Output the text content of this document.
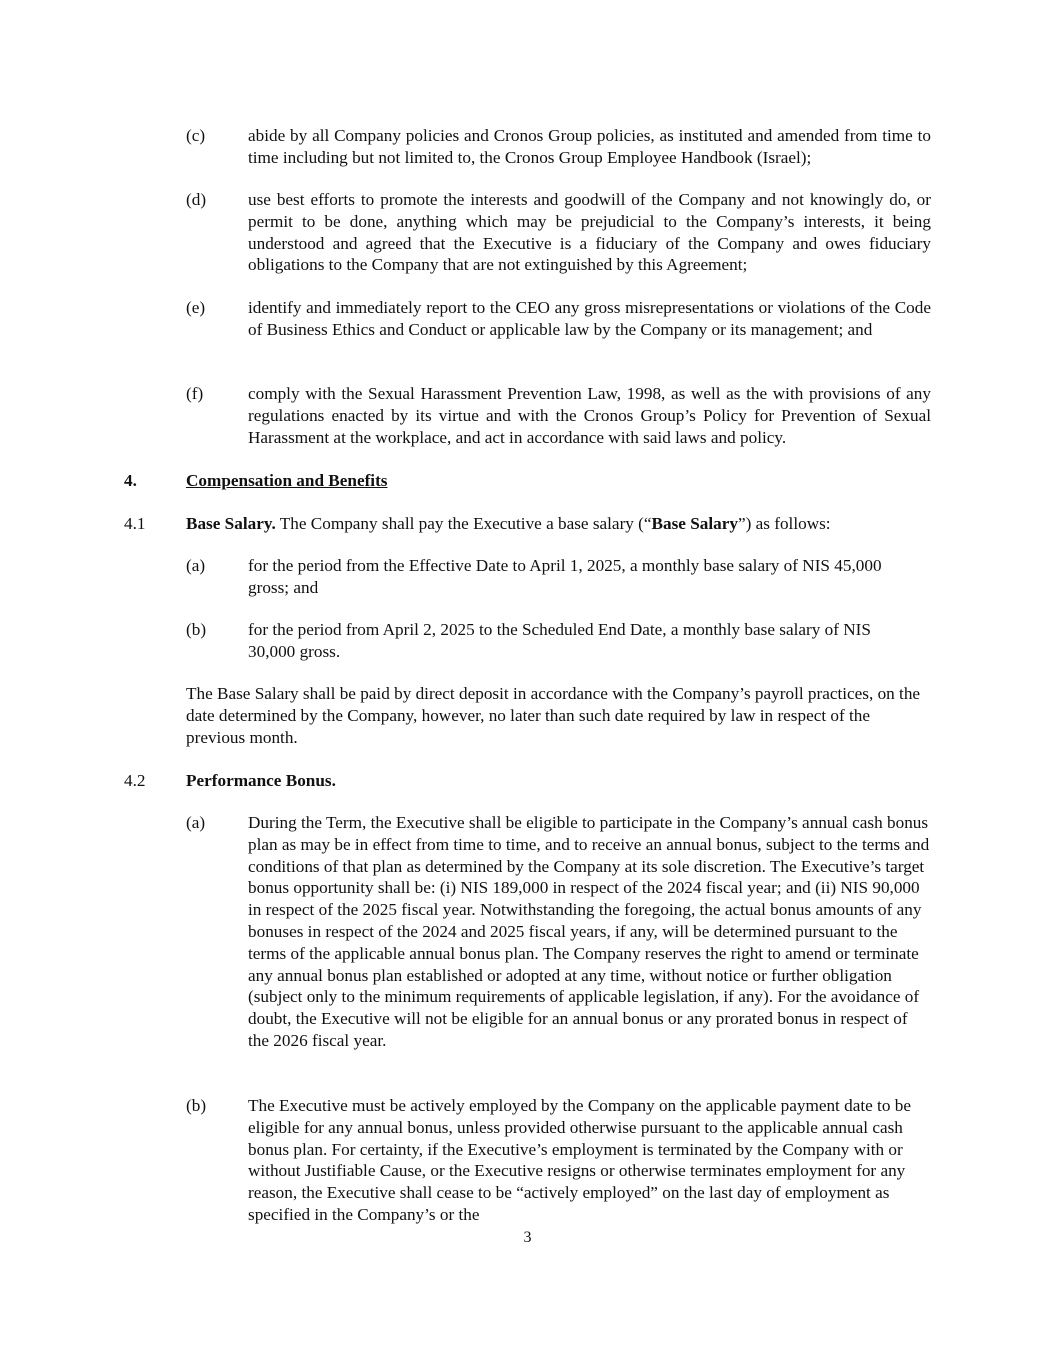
(c) abide by all Company policies and Cronos Group policies, as instituted and amended from time to time including but not limited to, the Cronos Group Employee Handbook (Israel);
(d) use best efforts to promote the interests and goodwill of the Company and not knowingly do, or permit to be done, anything which may be prejudicial to the Company’s interests, it being understood and agreed that the Executive is a fiduciary of the Company and owes fiduciary obligations to the Company that are not extinguished by this Agreement;
(e) identify and immediately report to the CEO any gross misrepresentations or violations of the Code of Business Ethics and Conduct or applicable law by the Company or its management; and
(f)	comply with the Sexual Harassment Prevention Law, 1998, as well as the with provisions of any regulations enacted by its virtue and with the Cronos Group’s Policy for Prevention of Sexual Harassment at the workplace, and act in accordance with said laws and policy.
4.	Compensation and Benefits
4.1 Base Salary. The Company shall pay the Executive a base salary (“Base Salary”) as follows:
(a) for the period from the Effective Date to April 1, 2025, a monthly base salary of NIS 45,000 gross; and
(b) for the period from April 2, 2025 to the Scheduled End Date, a monthly base salary of NIS 30,000 gross.
The Base Salary shall be paid by direct deposit in accordance with the Company’s payroll practices, on the date determined by the Company, however, no later than such date required by law in respect of the previous month.
4.2 Performance Bonus.
(a) During the Term, the Executive shall be eligible to participate in the Company’s annual cash bonus plan as may be in effect from time to time, and to receive an annual bonus, subject to the terms and conditions of that plan as determined by the Company at its sole discretion. The Executive’s target bonus opportunity shall be: (i) NIS 189,000 in respect of the 2024 fiscal year; and (ii) NIS 90,000 in respect of the 2025 fiscal year. Notwithstanding the foregoing, the actual bonus amounts of any bonuses in respect of the 2024 and 2025 fiscal years, if any, will be determined pursuant to the terms of the applicable annual bonus plan. The Company reserves the right to amend or terminate any annual bonus plan established or adopted at any time, without notice or further obligation (subject only to the minimum requirements of applicable legislation, if any). For the avoidance of doubt, the Executive will not be eligible for an annual bonus or any prorated bonus in respect of the 2026 fiscal year.
(b) The Executive must be actively employed by the Company on the applicable payment date to be eligible for any annual bonus, unless provided otherwise pursuant to the applicable annual cash bonus plan. For certainty, if the Executive’s employment is terminated by the Company with or without Justifiable Cause, or the Executive resigns or otherwise terminates employment for any reason, the Executive shall cease to be “actively employed” on the last day of employment as specified in the Company’s or the
3
